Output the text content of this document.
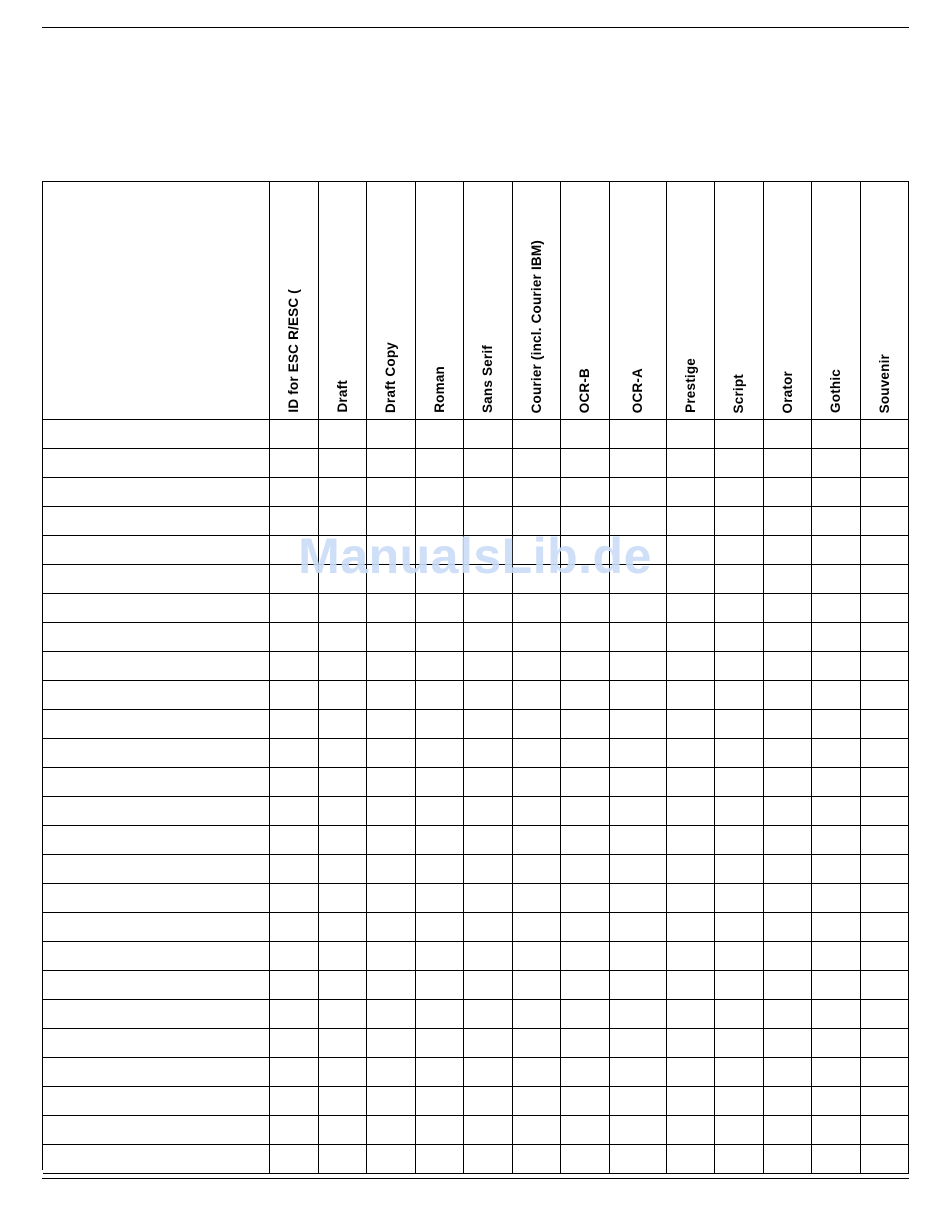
ID for ESC R/ESC ( Draft Draft Copy Roman Sans Serif Courier (incl. Courier IBM) OCR-B	OCR-A	Prestige Script Orator Gothic Souvenir
ManualsLib.de
